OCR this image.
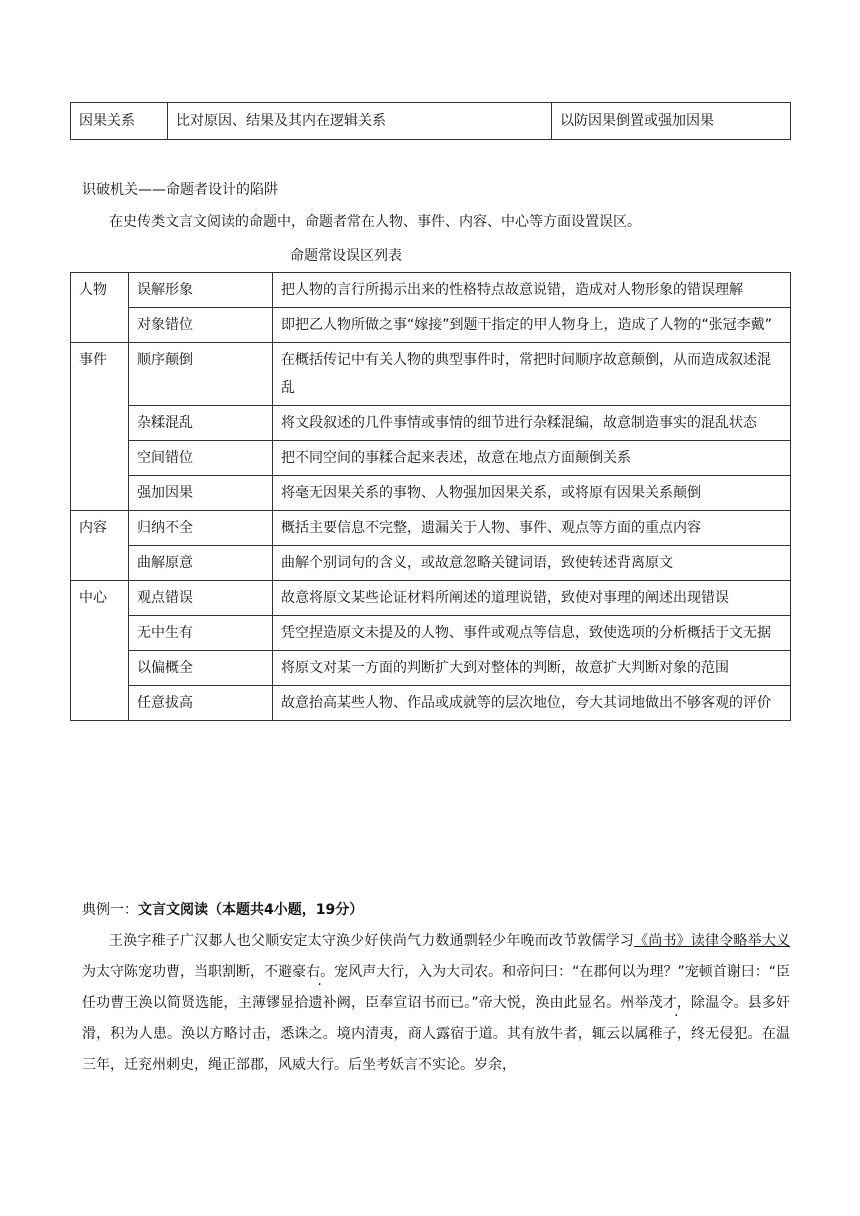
因果关系	比对原因、结果及其内在逻辑关系	以防因果倒置或强加因果
识破机关——命题者设计的陷阱
在史传类文言文阅读的命题中，命题者常在人物、事件、内容、中心等方面设置误区。
命题常设误区列表
人物	误解形象	把人物的言行所揭示出来的性格特点故意说错，造成对人物形象的错误理解
	对象错位	即把乙人物所做之事“嫁接”到题干指定的甲人物身上，造成了人物的“张冠李戴”
事件	顺序颠倒	在概括传记中有关人物的典型事件时，常把时间顺序故意颠倒，从而造成叙述混乱
	杂糅混乱	将文段叙述的几件事情或事情的细节进行杂糅混编，故意制造事实的混乱状态
	空间错位	把不同空间的事糅合起来表述，故意在地点方面颠倒关系
	强加因果	将毫无因果关系的事物、人物强加因果关系，或将原有因果关系颠倒
内容	归纳不全	概括主要信息不完整，遗漏关于人物、事件、观点等方面的重点内容
	曲解原意	曲解个别词句的含义，或故意忽略关键词语，致使转述背离原文
中心	观点错误	故意将原文某些论证材料所阐述的道理说错，致使对事理的阐述出现错误
	无中生有	凭空捏造原文未提及的人物、事件或观点等信息，致使选项的分析概括于文无据
	以偏概全	将原文对某一方面的判断扩大到对整体的判断，故意扩大判断对象的范围
	任意拔高	故意抬高某些人物、作品或成就等的层次地位，夸大其词地做出不够客观的评价
典例一：文言文阅读（本题共4小题，19分）
王涣字稚子广汉郪人也父顺安定太守涣少好侠尚气力数通剽轻少年晚而改节敦儒学习《尚书》读律令略举大义 为太守陈宠功曹，当职割断，不避豪右。宠风声大行，入为大司农。和帝问曰：“在郡何以为理？”宠顿首谢曰：“臣任功曹王涣以简贤选能，主薄镠显拾遗补阙，臣奉宣诏书而已。”帝大悦，涣由此显名。州举茂才，除温令。县多奸滑，积为人患。涣以方略讨击，悉诛之。境内清夷，商人露宿于道。其有放牛者，辄云以属稚子，终无侵犯。在温三年，迁兖州刺史，绳正部郡，风威大行。后坐考妖言不实论。岁余，
